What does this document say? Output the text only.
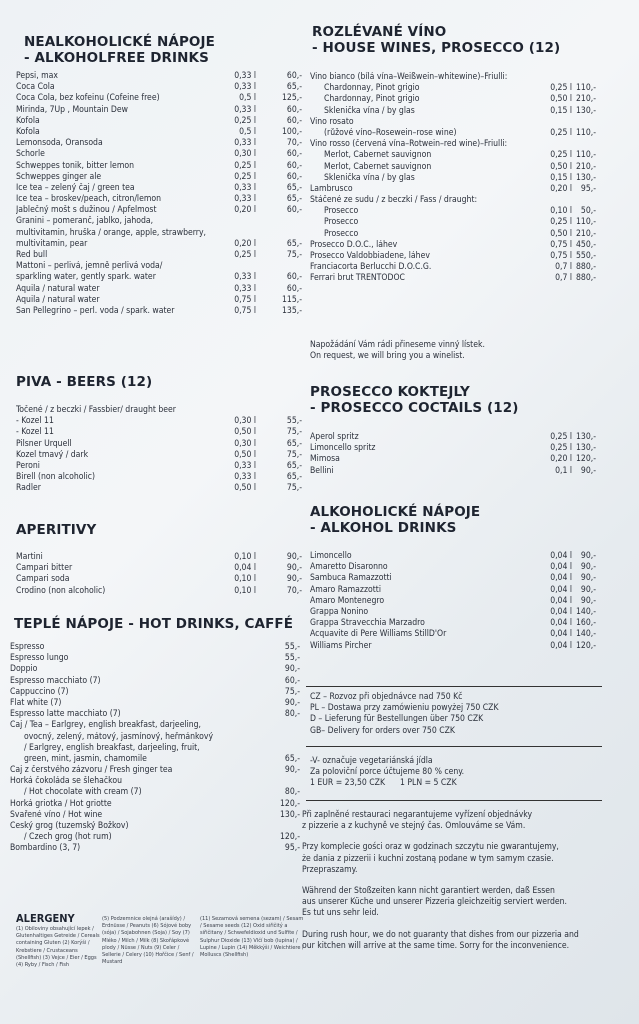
NEALKOHOLICKÉ NÁPOJE
- ALKOHOLFREE DRINKS
Pepsi, max	0,33 l	60,-
Coca Cola	0,33 l	65,-
Coca Cola, bez kofeinu (Cofeine free)	0,5 l	125,-
Mirinda, 7Up , Mountain Dew	0,33 l	60,-
Kofola	0,25 l	60,-
Kofola	0,5 l	100,-
Lemonsoda, Oransoda	0,33 l	70,-
Schorle	0,30 l	60,-
Schweppes tonik, bitter lemon	0,25 l	60,-
Schweppes ginger ale	0,25 l	60,-
Ice tea – zelený čaj / green tea	0,33 l	65,-
Ice tea – broskev/peach, citron/lemon	0,33 l	65,-
Jablečný mošt s dužinou / Apfelmost	0,20 l	60,-
Granini – pomeranč, jablko, jahoda,
multivitamin, hruška / orange, apple, strawberry,
multivitamin, pear	0,20 l	65,-
Red bull	0,25 l	75,-
Mattoni – perlivá, jemně perlivá voda/
sparkling water, gently spark. water	0,33 l	60,-
Aquila / natural water	0,33 l	60,-
Aquila / natural water	0,75 l	115,-
San Pellegrino – perl. voda / spark. water	0,75 l	135,-
PIVA - BEERS (12)
Točené / z beczki / Fassbier/ draught beer
- Kozel 11	0,30 l	55,-
- Kozel 11	0,50 l	75,-
Pilsner Urquell	0,30 l	65,-
Kozel tmavý / dark	0,50 l	75,-
Peroni	0,33 l	65,-
Birell (non alcoholic)	0,33 l	65,-
Radler	0,50 l	75,-
APERITIVY
Martini	0,10 l	90,-
Campari bitter	0,04 l	90,-
Campari soda	0,10 l	90,-
Crodino (non alcoholic)	0,10 l	70,-
TEPLÉ NÁPOJE - HOT DRINKS, CAFFÉ
Espresso	55,-
Espresso lungo	55,-
Doppio	90,-
Espresso macchiato (7)	60,-
Cappuccino (7)	75,-
Flat white (7)	90,-
Espresso latte macchiato (7)	80,-
Čaj / Tea – Earlgrey, english breakfast, darjeeling,
ovocný, zelený, mátový, jasmínový, heřmánkový
/ Earlgrey, english breakfast, darjeeling, fruit,
green, mint, jasmin, chamomile	65,-
Čaj z čerstvého zázvoru / Fresh ginger tea	90,-
Horká čokoláda se šlehačkou
/ Hot chocolate with cream (7)	80,-
Horká griotka / Hot griotte	120,-
Svařené víno / Hot wine	130,-
Český grog (tuzemský Božkov)
/ Czech grog (hot rum)	120,-
Bombardino (3, 7)	95,-
ALERGENY
(1) Obiloviny obsahující lepek / Glutenhaltiges Getreide / Cereals containing Gluten (2) Korýši / Krebstiere / Crustaceans (Shellfish) (3) Vejce / Eier / Eggs (4) Ryby / Fisch / Fish
(5) Podzemnice olejná (arašídy) / Erdnüsse / Peanuts (6) Sójové boby (sója) / Sojabohnen (Soja) / Soy (7) Mléko / Milch / Milk (8) Skořápkové plody / Nüsse / Nuts (9) Celer / Sellerie / Celery (10) Hořčice / Senf / Mustard
(11) Sezamová semena (sezam) / Sesam / Sesame seeds (12) Oxid siřičitý a siřičitany / Schwefeldioxid und Sulfite / Sulphur Dioxide (13) Vlčí bob (lupina) / Lupine / Lupin (14) Měkkýši / Weichtiere / Molluscs (Shellfish)
ROZLÉVANÉ VÍNO
- HOUSE WINES, PROSECCO (12)
Vino bianco (bílá vína–Weißwein–whitewine)–Friulli:
Chardonnay, Pinot grigio	0,25 l 110,-
Chardonnay, Pinot grigio	0,50 l 210,-
Sklenička vína / by glas	0,15 l 130,-
Vino rosato
(růžové víno–Rosewein–rose wine)	0,25 l 110,-
Vino rosso (červená vína–Rotwein–red wine)–Friulli:
Merlot, Cabernet sauvignon	0,25 l 110,-
Merlot, Cabernet sauvignon	0,50 l 210,-
Sklenička vína / by glas	0,15 l 130,-
Lambrusco	0,20 l	95,-
Stáčené ze sudu / z beczki / Fass / draught:
Prosecco	0,10 l	50,-
Prosecco	0,25 l 110,-
Prosecco	0,50 l 210,-
Prosecco D.O.C., láhev	0,75 l 450,-
Prosecco Valdobbiadene, láhev	0,75 l 550,-
Franciacorta Berlucchi D.O.C.G.	0,7 l 880,-
Ferrari brut TRENTODOC	0,7 l 880,-
Napožádání Vám rádi přineseme vinný lístek.
On request, we will bring you a winelist.
PROSECCO KOKTEJLY
- PROSECCO COCTAILS (12)
Aperol spritz	0,25 l 130,-
Limoncello spritz	0,25 l 130,-
Mimosa	0,20 l 120,-
Bellini	0,1 l	90,-
ALKOHOLICKÉ NÁPOJE
- ALKOHOL DRINKS
Limoncello	0,04 l	90,-
Amaretto Disaronno	0,04 l	90,-
Sambuca Ramazzotti	0,04 l	90,-
Amaro Ramazzotti	0,04 l	90,-
Amaro Montenegro	0,04 l	90,-
Grappa Nonino	0,04 l 140,-
Grappa Stravecchia Marzadro	0,04 l 160,-
Acquavite di Pere Williams StillD'Or	0,04 l 140,-
Williams Pircher	0,04 l 120,-
CZ – Rozvoz při objednávce nad 750 Kč
PL – Dostawa przy zamówieniu powyżej 750 CZK
D – Lieferung für Bestellungen über 750 CZK
GB– Delivery for orders over 750 CZK
-V- označuje vegetariánská jídla
Za poloviční porce účtujeme 80 % ceny.
1 EUR = 23,50 CZK 1 PLN = 5 CZK
Při zaplněné restauraci negarantujeme vyřízení objednávky
z pizzerie a z kuchyně ve stejný čas. Omlouváme se Vám.
Przy komplecie gości oraz w godzinach szczytu nie gwarantujemy,
że dania z pizzerii i kuchni zostaną podane w tym samym czasie.
Przepraszamy.
Während der Stoßzeiten kann nicht garantiert werden, daß Essen
aus unserer Küche und unserer Pizzeria gleichzeitig serviert werden.
Es tut uns sehr leid.
During rush hour, we do not guaranty that dishes from our pizzeria and
our kitchen will arrive at the same time. Sorry for the inconvenience.
